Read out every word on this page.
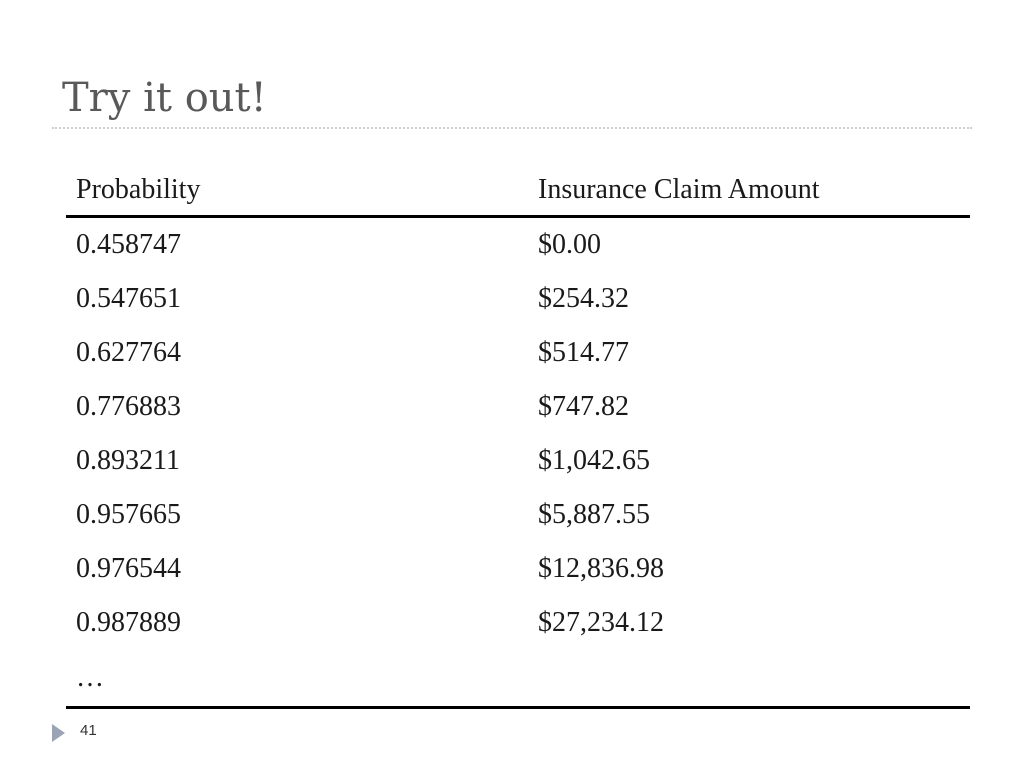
Try it out!
Probability	Insurance Claim Amount
0.458747	$0.00
0.547651	$254.32
0.627764	$514.77
0.776883	$747.82
0.893211	$1,042.65
0.957665	$5,887.55
0.976544	$12,836.98
0.987889	$27,234.12
…	
41
